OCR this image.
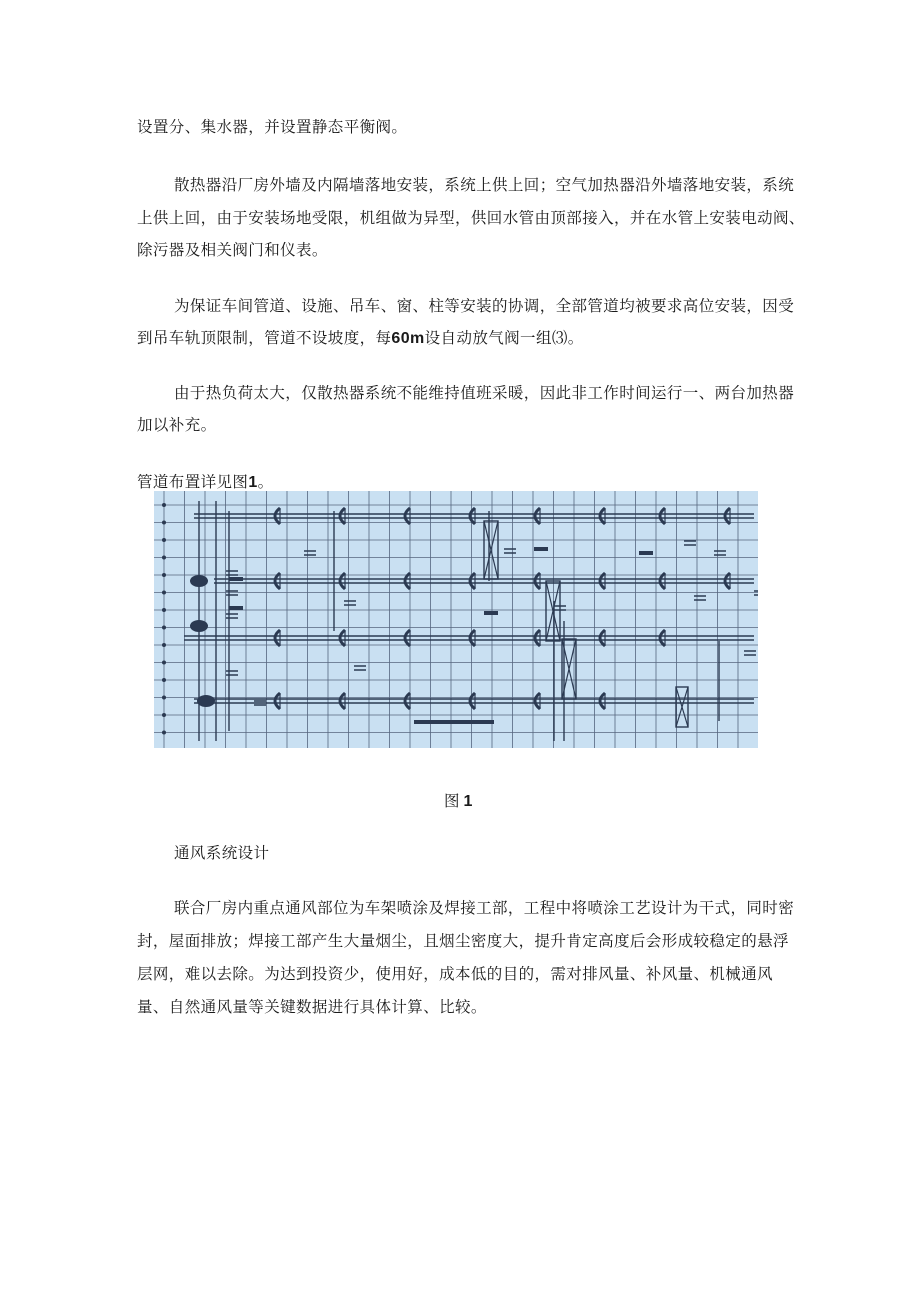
设置分、集水器，并设置静态平衡阀。
散热器沿厂房外墙及内隔墙落地安装，系统上供上回；空气加热器沿外墙落地安装，系统
上供上回，由于安装场地受限，机组做为异型，供回水管由顶部接入，并在水管上安装电动阀、
除污器及相关阀门和仪表。
为保证车间管道、设施、吊车、窗、柱等安装的协调，全部管道均被要求高位安装，因受
到吊车轨顶限制，管道不设坡度，每60m设自动放气阀一组⑶。
由于热负荷太大，仅散热器系统不能维持值班采暖，因此非工作时间运行一、两台加热器
加以补充。
管道布置详见图1。
图 1
通风系统设计
联合厂房内重点通风部位为车架喷涂及焊接工部，工程中将喷涂工艺设计为干式，同时密
封，屋面排放；焊接工部产生大量烟尘，且烟尘密度大，提升肯定高度后会形成较稳定的悬浮
层网，难以去除。为达到投资少，使用好，成本低的目的，需对排风量、补风量、机械通风
量、自然通风量等关键数据进行具体计算、比较。
